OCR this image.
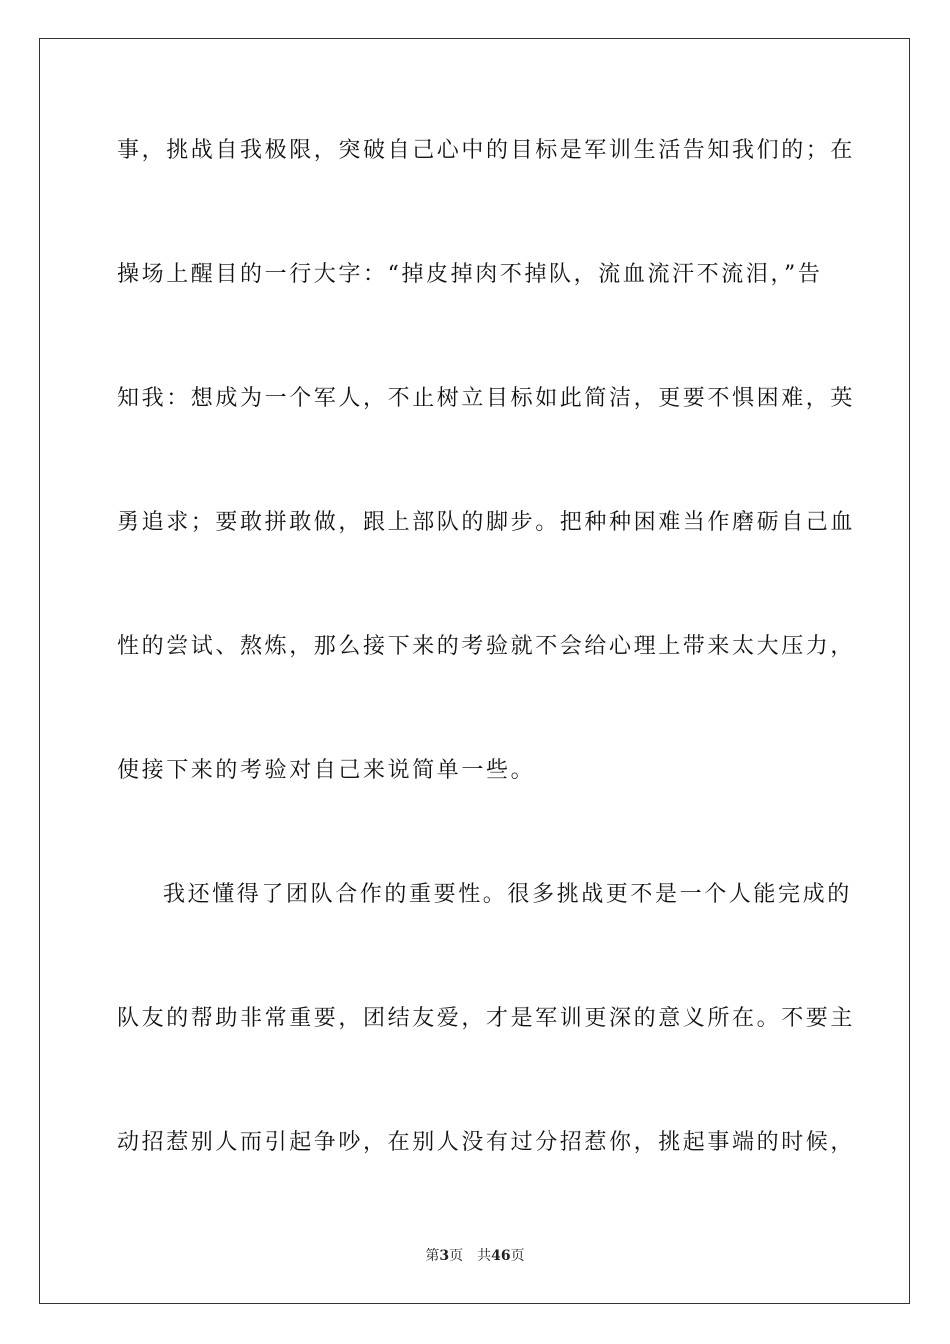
事，挑战自我极限，突破自己心中的目标是军训生活告知我们的；在

操场上醒目的一行大字：“掉皮掉肉不掉队，流血流汗不流泪，”告

知我：想成为一个军人，不止树立目标如此简洁，更要不惧困难，英

勇追求；要敢拼敢做，跟上部队的脚步。把种种困难当作磨砺自己血

性的尝试、熬炼，那么接下来的考验就不会给心理上带来太大压力，

使接下来的考验对自己来说简单一些。

我还懂得了团队合作的重要性。很多挑战更不是一个人能完成的

队友的帮助非常重要，团结友爱，才是军训更深的意义所在。不要主

动招惹别人而引起争吵，在别人没有过分招惹你，挑起事端的时候，

第3页 共46页
